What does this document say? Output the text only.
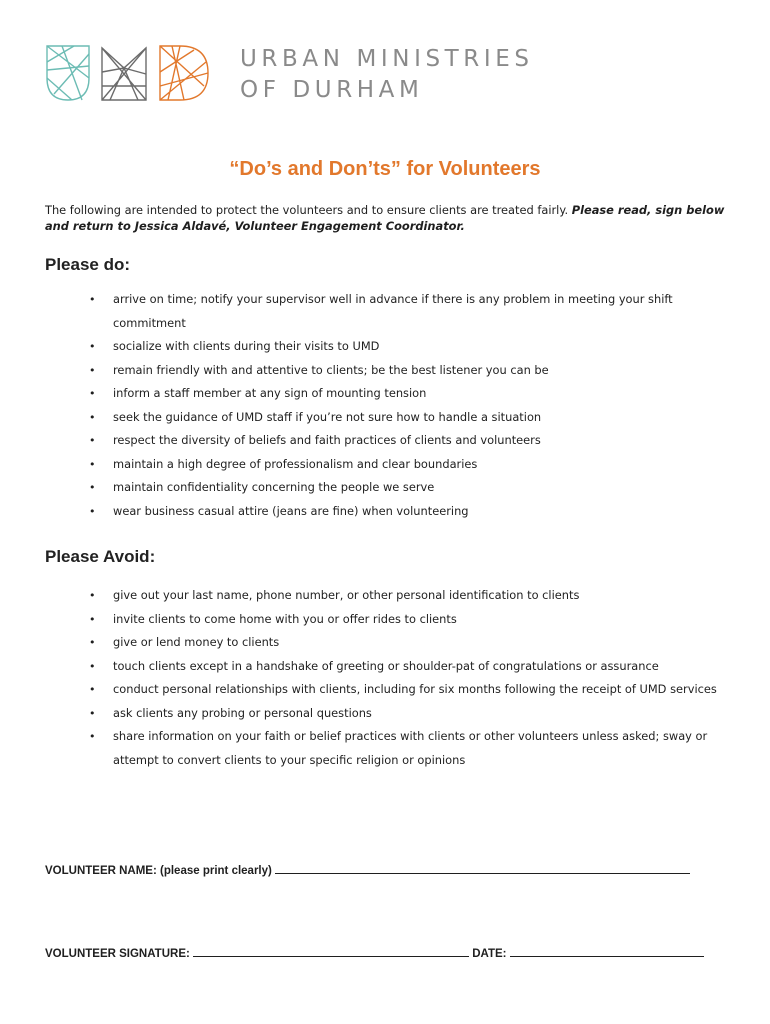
URBAN MINISTRIES
OF DURHAM
“Do’s and Don’ts” for Volunteers
The following are intended to protect the volunteers and to ensure clients are treated fairly. Please read, sign below and return to Jessica Aldavé, Volunteer Engagement Coordinator.
Please do:
• arrive on time; notify your supervisor well in advance if there is any problem in meeting your shift commitment
• socialize with clients during their visits to UMD
• remain friendly with and attentive to clients; be the best listener you can be
• inform a staff member at any sign of mounting tension
• seek the guidance of UMD staff if you’re not sure how to handle a situation
• respect the diversity of beliefs and faith practices of clients and volunteers
• maintain a high degree of professionalism and clear boundaries
• maintain confidentiality concerning the people we serve
• wear business casual attire (jeans are fine) when volunteering
Please Avoid:
• give out your last name, phone number, or other personal identification to clients
• invite clients to come home with you or offer rides to clients
• give or lend money to clients
• touch clients except in a handshake of greeting or shoulder-pat of congratulations or assurance
• conduct personal relationships with clients, including for six months following the receipt of UMD services
• ask clients any probing or personal questions
• share information on your faith or belief practices with clients or other volunteers unless asked; sway or attempt to convert clients to your specific religion or opinions
VOLUNTEER NAME: (please print clearly)
VOLUNTEER SIGNATURE:	DATE:
